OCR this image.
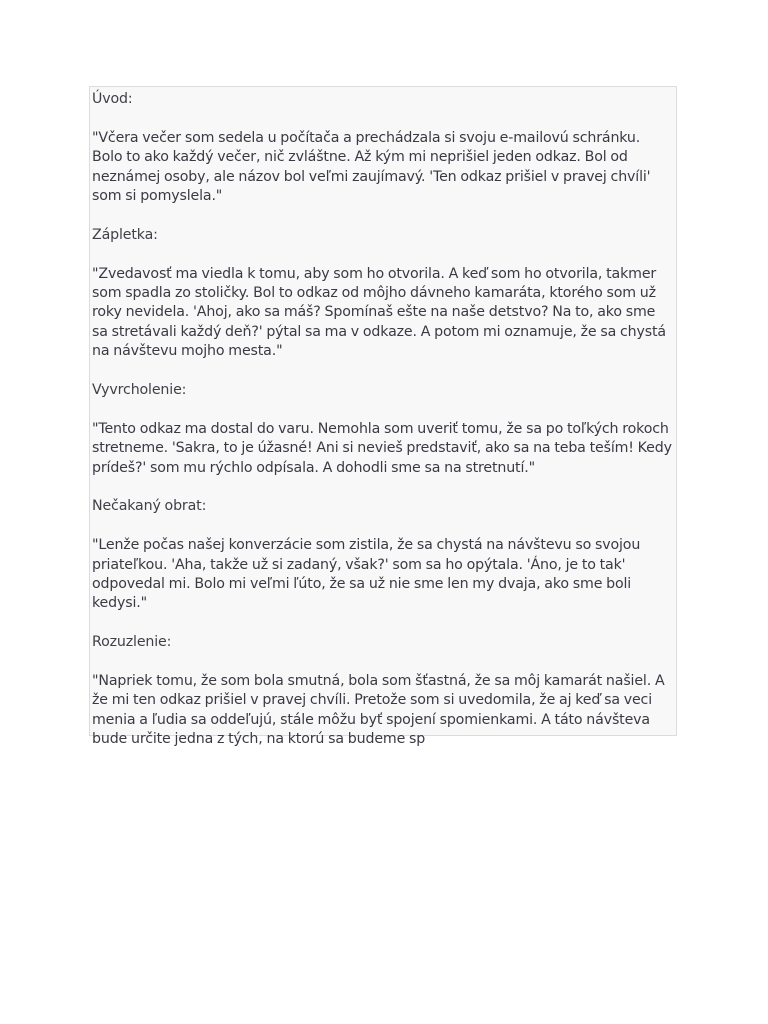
Úvod:

"Včera večer som sedela u počítača a prechádzala si svoju e-mailovú schránku. Bolo to ako každý večer, nič zvláštne. Až kým mi neprišiel jeden odkaz. Bol od neznámej osoby, ale názov bol veľmi zaujímavý. 'Ten odkaz prišiel v pravej chvíli' som si pomyslela."

Zápletka:

"Zvedavosť ma viedla k tomu, aby som ho otvorila. A keď som ho otvorila, takmer som spadla zo stoličky. Bol to odkaz od môjho dávneho kamaráta, ktorého som už roky nevidela. 'Ahoj, ako sa máš? Spomínaš ešte na naše detstvo? Na to, ako sme sa stretávali každý deň?' pýtal sa ma v odkaze. A potom mi oznamuje, že sa chystá na návštevu mojho mesta."

Vyvrcholenie:

"Tento odkaz ma dostal do varu. Nemohla som uveriť tomu, že sa po toľkých rokoch stretneme. 'Sakra, to je úžasné! Ani si nevieš predstaviť, ako sa na teba teším! Kedy prídeš?' som mu rýchlo odpísala. A dohodli sme sa na stretnutí."

Nečakaný obrat:

"Lenže počas našej konverzácie som zistila, že sa chystá na návštevu so svojou priateľkou. 'Aha, takže už si zadaný, však?' som sa ho opýtala. 'Áno, je to tak' odpovedal mi. Bolo mi veľmi ľúto, že sa už nie sme len my dvaja, ako sme boli kedysi."

Rozuzlenie:

"Napriek tomu, že som bola smutná, bola som šťastná, že sa môj kamarát našiel. A že mi ten odkaz prišiel v pravej chvíli. Pretože som si uvedomila, že aj keď sa veci menia a ľudia sa oddeľujú, stále môžu byť spojení spomienkami. A táto návšteva bude určite jedna z tých, na ktorú sa budeme sp
